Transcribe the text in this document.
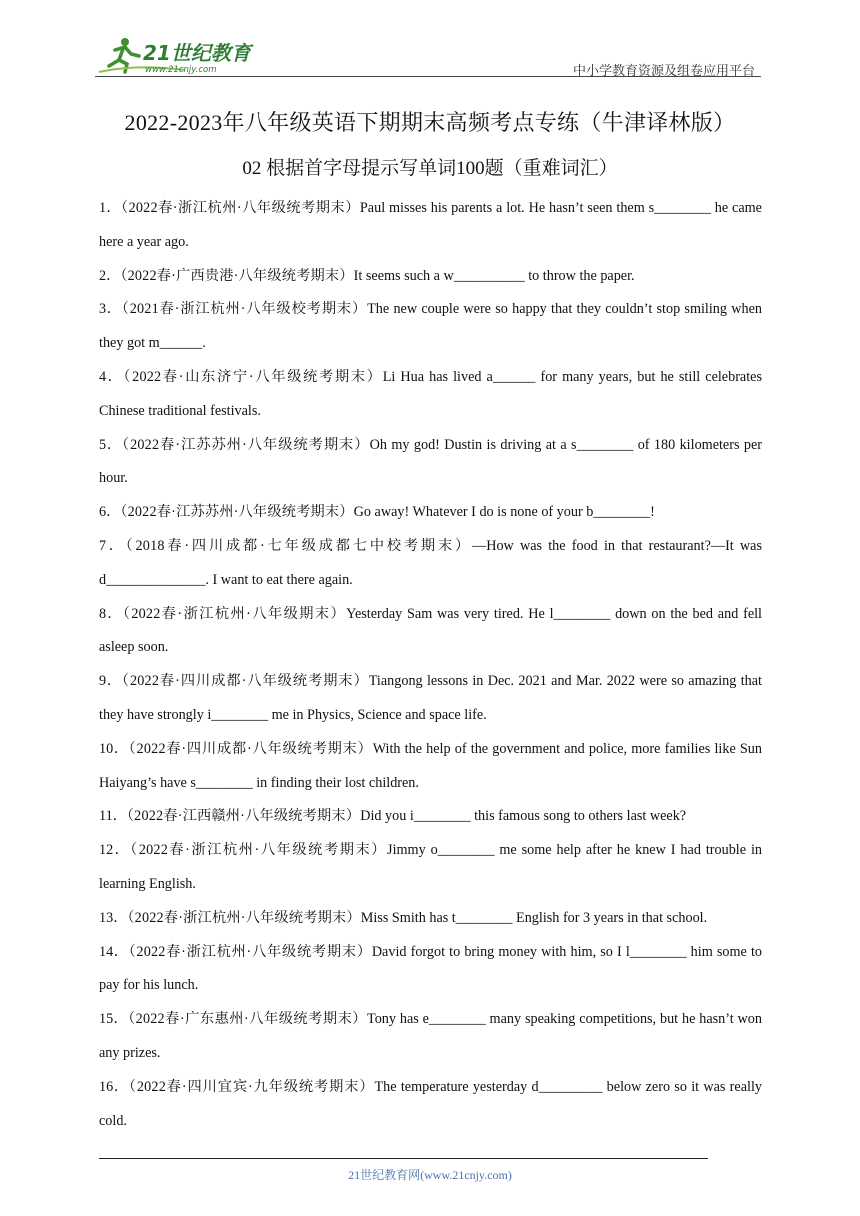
21世纪教育
www.21cnjy.com	中小学教育资源及组卷应用平台
2022-2023年八年级英语下期期末高频考点专练（牛津译林版）
02 根据首字母提示写单词100题（重难词汇）

1．（2022春·浙江杭州·八年级统考期末）Paul misses his parents a lot. He hasn’t seen them s________ he came here a year ago.

2．（2022春·广西贵港·八年级统考期末）It seems such a w__________ to throw the paper.

3．（2021春·浙江杭州·八年级校考期末）The new couple were so happy that they couldn’t stop smiling when they got m______.

4．（2022春·山东济宁·八年级统考期末）Li Hua has lived a______ for many years, but he still celebrates Chinese traditional festivals.

5．（2022春·江苏苏州·八年级统考期末）Oh my god! Dustin is driving at a s________ of 180 kilometers per hour.

6．（2022春·江苏苏州·八年级统考期末）Go away! Whatever I do is none of your b________!

7．（2018春·四川成都·七年级成都七中校考期末）—How was the food in that restaurant?—It was d______________. I want to eat there again.

8．（2022春·浙江杭州·八年级期末）Yesterday Sam was very tired. He l________ down on the bed and fell asleep soon.

9．（2022春·四川成都·八年级统考期末）Tiangong lessons in Dec. 2021 and Mar. 2022 were so amazing that they have strongly i________ me in Physics, Science and space life.

10．（2022春·四川成都·八年级统考期末）With the help of the government and police, more families like Sun Haiyang’s have s________ in finding their lost children.

11．（2022春·江西赣州·八年级统考期末）Did you i________ this famous song to others last week?

12．（2022春·浙江杭州·八年级统考期末）Jimmy o________ me some help after he knew I had trouble in learning English.

13．（2022春·浙江杭州·八年级统考期末）Miss Smith has t________ English for 3 years in that school.

14．（2022春·浙江杭州·八年级统考期末）David forgot to bring money with him, so I l________ him some to pay for his lunch.

15．（2022春·广东惠州·八年级统考期末）Tony has e________ many speaking competitions, but he hasn’t won any prizes.

16．（2022春·四川宜宾·九年级统考期末）The temperature yesterday d_________ below zero so it was really cold.

21世纪教育网(www.21cnjy.com)
